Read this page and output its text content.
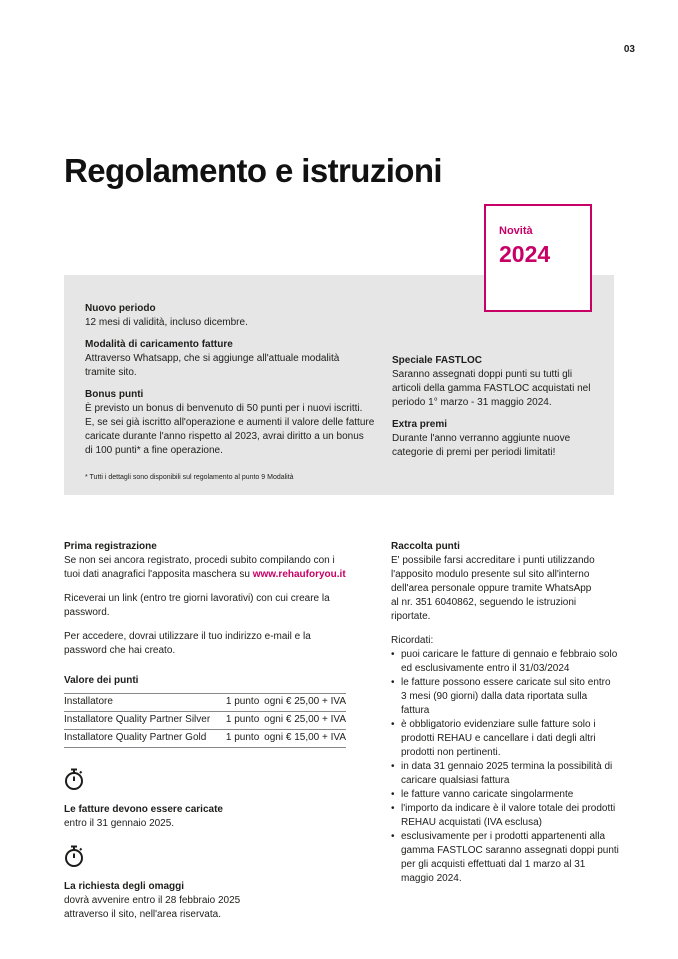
03
Regolamento e istruzioni
Novità
2024
Nuovo periodo
12 mesi di validità, incluso dicembre.
Modalità di caricamento fatture
Attraverso Whatsapp, che si aggiunge all'attuale modalità
tramite sito.
Bonus punti
È previsto un bonus di benvenuto di 50 punti per i nuovi iscritti.
E, se sei già iscritto all'operazione e aumenti il valore delle fatture
caricate durante l'anno rispetto al 2023, avrai diritto a un bonus
di 100 punti* a fine operazione.
* Tutti i dettagli sono disponibili sul regolamento al punto 9 Modalità
Speciale FASTLOC
Saranno assegnati doppi punti su tutti gli
articoli della gamma FASTLOC acquistati nel
periodo 1° marzo - 31 maggio 2024.
Extra premi
Durante l'anno verranno aggiunte nuove
categorie di premi per periodi limitati!
Prima registrazione
Se non sei ancora registrato, procedi subito compilando con i
tuoi dati anagrafici l'apposita maschera su www.rehauforyou.it
Riceverai un link (entro tre giorni lavorativi) con cui creare la
password.
Per accedere, dovrai utilizzare il tuo indirizzo e-mail e la
password che hai creato.
Valore dei punti
Installatore	1 punto	ogni € 25,00 + IVA
Installatore Quality Partner Silver	1 punto	ogni € 25,00 + IVA
Installatore Quality Partner Gold	1 punto	ogni € 15,00 + IVA
Le fatture devono essere caricate
entro il 31 gennaio 2025.
La richiesta degli omaggi
dovrà avvenire entro il 28 febbraio 2025
attraverso il sito, nell'area riservata.
Raccolta punti
E' possibile farsi accreditare i punti utilizzando
l'apposito modulo presente sul sito all'interno
dell'area personale oppure tramite WhatsApp
al nr. 351 6040862, seguendo le istruzioni
riportate.
Ricordati:
• puoi caricare le fatture di gennaio e febbraio solo
ed esclusivamente entro il 31/03/2024
• le fatture possono essere caricate sul sito entro
3 mesi (90 giorni) dalla data riportata sulla
fattura
• è obbligatorio evidenziare sulle fatture solo i
prodotti REHAU e cancellare i dati degli altri
prodotti non pertinenti.
• in data 31 gennaio 2025 termina la possibilità di
caricare qualsiasi fattura
• le fatture vanno caricate singolarmente
• l'importo da indicare è il valore totale dei prodotti
REHAU acquistati (IVA esclusa)
• esclusivamente per i prodotti appartenenti alla
gamma FASTLOC saranno assegnati doppi punti
per gli acquisti effettuati dal 1 marzo al 31
maggio 2024.
